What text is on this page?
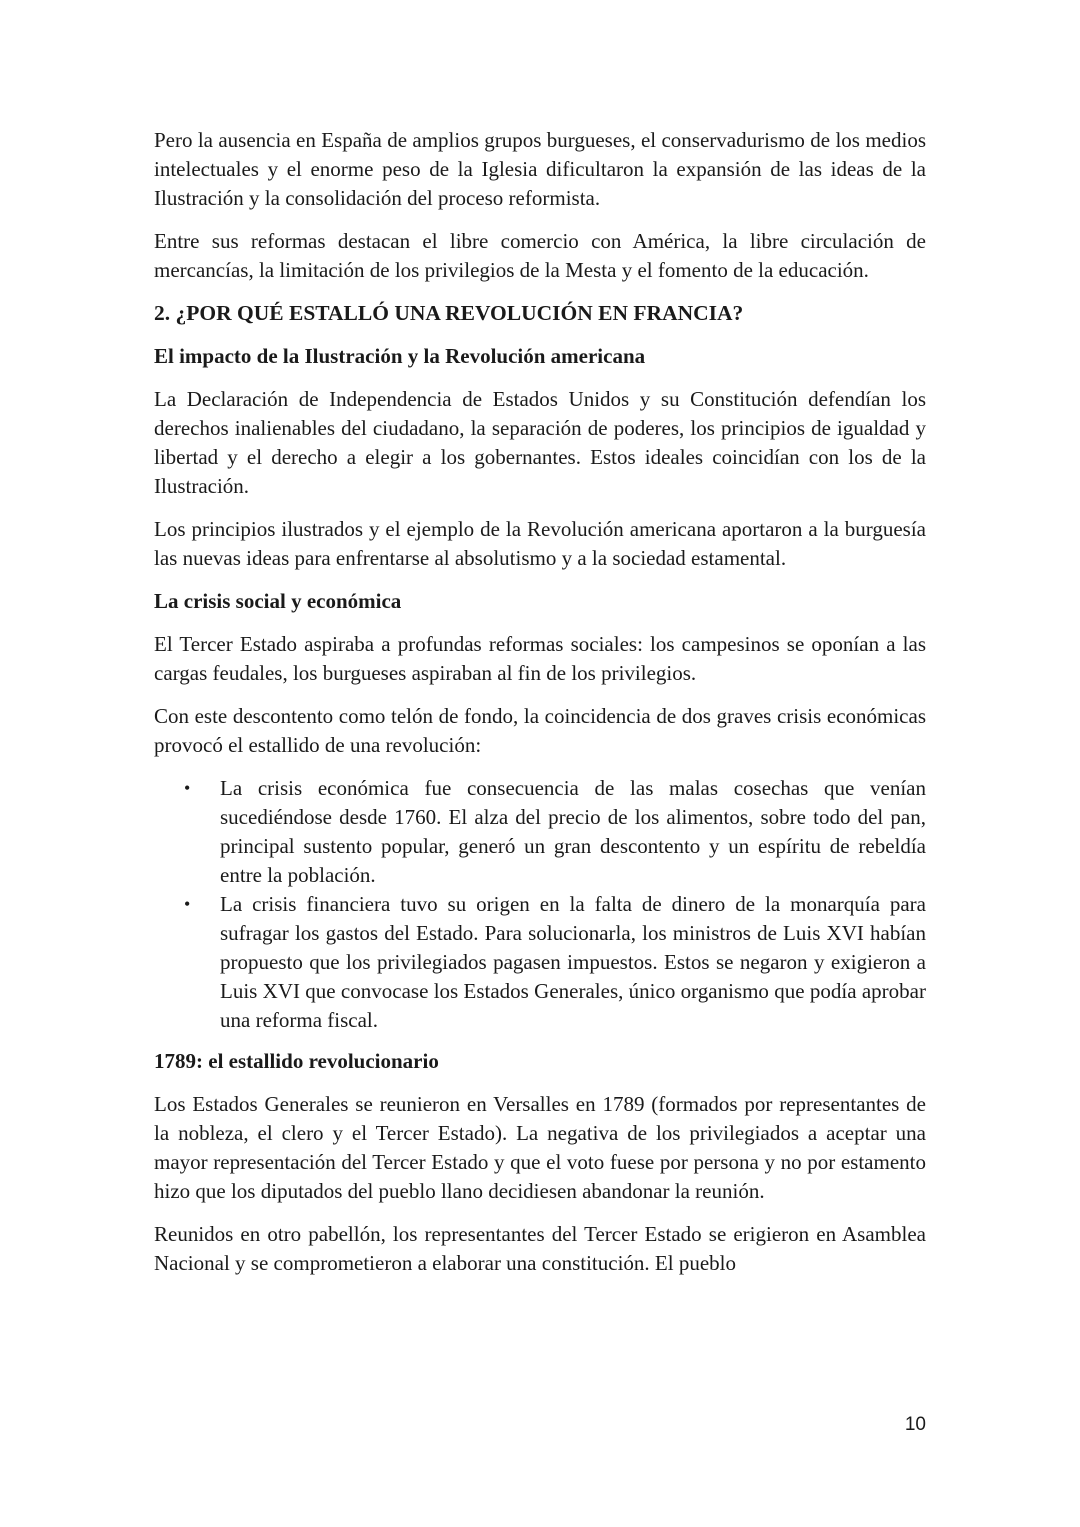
Pero la ausencia en España de amplios grupos burgueses, el conservadurismo de los medios intelectuales y el enorme peso de la Iglesia dificultaron la expansión de las ideas de la Ilustración y la consolidación del proceso reformista.

Entre sus reformas destacan el libre comercio con América, la libre circulación de mercancías, la limitación de los privilegios de la Mesta y el fomento de la educación.

2. ¿POR QUÉ ESTALLÓ UNA REVOLUCIÓN EN FRANCIA?
El impacto de la Ilustración y la Revolución americana

La Declaración de Independencia de Estados Unidos y su Constitución defendían los derechos inalienables del ciudadano, la separación de poderes, los principios de igualdad y libertad y el derecho a elegir a los gobernantes. Estos ideales coincidían con los de la Ilustración.

Los principios ilustrados y el ejemplo de la Revolución americana aportaron a la burguesía las nuevas ideas para enfrentarse al absolutismo y a la sociedad estamental.

La crisis social y económica

El Tercer Estado aspiraba a profundas reformas sociales: los campesinos se oponían a las cargas feudales, los burgueses aspiraban al fin de los privilegios.

Con este descontento como telón de fondo, la coincidencia de dos graves crisis económicas provocó el estallido de una revolución:

• La crisis económica fue consecuencia de las malas cosechas que venían sucediéndose desde 1760. El alza del precio de los alimentos, sobre todo del pan, principal sustento popular, generó un gran descontento y un espíritu de rebeldía entre la población.
• La crisis financiera tuvo su origen en la falta de dinero de la monarquía para sufragar los gastos del Estado. Para solucionarla, los ministros de Luis XVI habían propuesto que los privilegiados pagasen impuestos. Estos se negaron y exigieron a Luis XVI que convocase los Estados Generales, único organismo que podía aprobar una reforma fiscal.
1789: el estallido revolucionario

Los Estados Generales se reunieron en Versalles en 1789 (formados por representantes de la nobleza, el clero y el Tercer Estado). La negativa de los privilegiados a aceptar una mayor representación del Tercer Estado y que el voto fuese por persona y no por estamento hizo que los diputados del pueblo llano decidiesen abandonar la reunión.

Reunidos en otro pabellón, los representantes del Tercer Estado se erigieron en Asamblea Nacional y se comprometieron a elaborar una constitución. El pueblo

10
